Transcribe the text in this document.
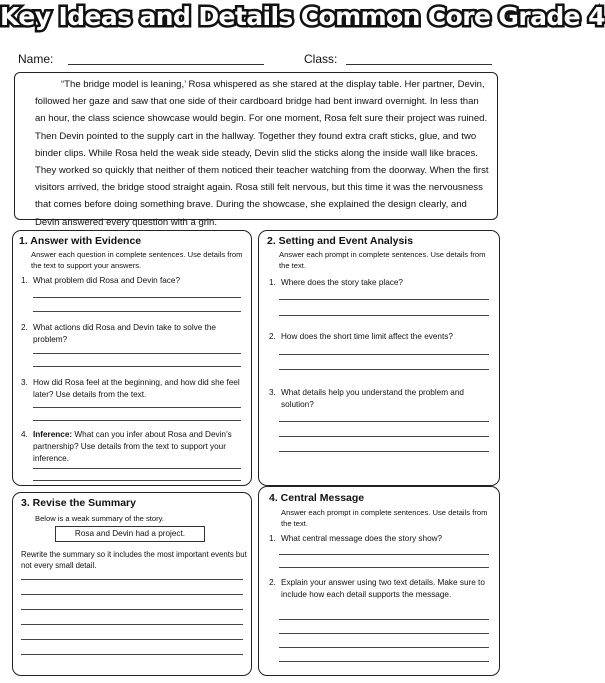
Key Ideas and Details Common Core Grade 4
Name:	Class:

“The bridge model is leaning,’ Rosa whispered as she stared at the display table. Her partner, Devin, followed her gaze and saw that one side of their cardboard bridge had bent inward overnight. In less than an hour, the class science showcase would begin. For one moment, Rosa felt sure their project was ruined. Then Devin pointed to the supply cart in the hallway. Together they found extra craft sticks, glue, and two binder clips. While Rosa held the weak side steady, Devin slid the sticks along the inside wall like braces. They worked so quickly that neither of them noticed their teacher watching from the doorway. When the first visitors arrived, the bridge stood straight again. Rosa still felt nervous, but this time it was the nervousness that comes before doing something brave. During the showcase, she explained the design clearly, and Devin answered every question with a grin.

1. Answer with Evidence
Answer each question in complete sentences. Use details from the text to support your answers.
1. What problem did Rosa and Devin face?
2. What actions did Rosa and Devin take to solve the problem?
3. How did Rosa feel at the beginning, and how did she feel later? Use details from the text.
4. Inference: What can you infer about Rosa and Devin’s partnership? Use details from the text to support your inference.
2. Setting and Event Analysis
Answer each prompt in complete sentences. Use details from the text.
1. Where does the story take place?
2. How does the short time limit affect the events?
3. What details help you understand the problem and solution?
3. Revise the Summary
Below is a weak summary of the story.
Rosa and Devin had a project.
Rewrite the summary so it includes the most important events but not every small detail.
4. Central Message
Answer each prompt in complete sentences. Use details from the text.
1. What central message does the story show?
2. Explain your answer using two text details. Make sure to include how each detail supports the message.
